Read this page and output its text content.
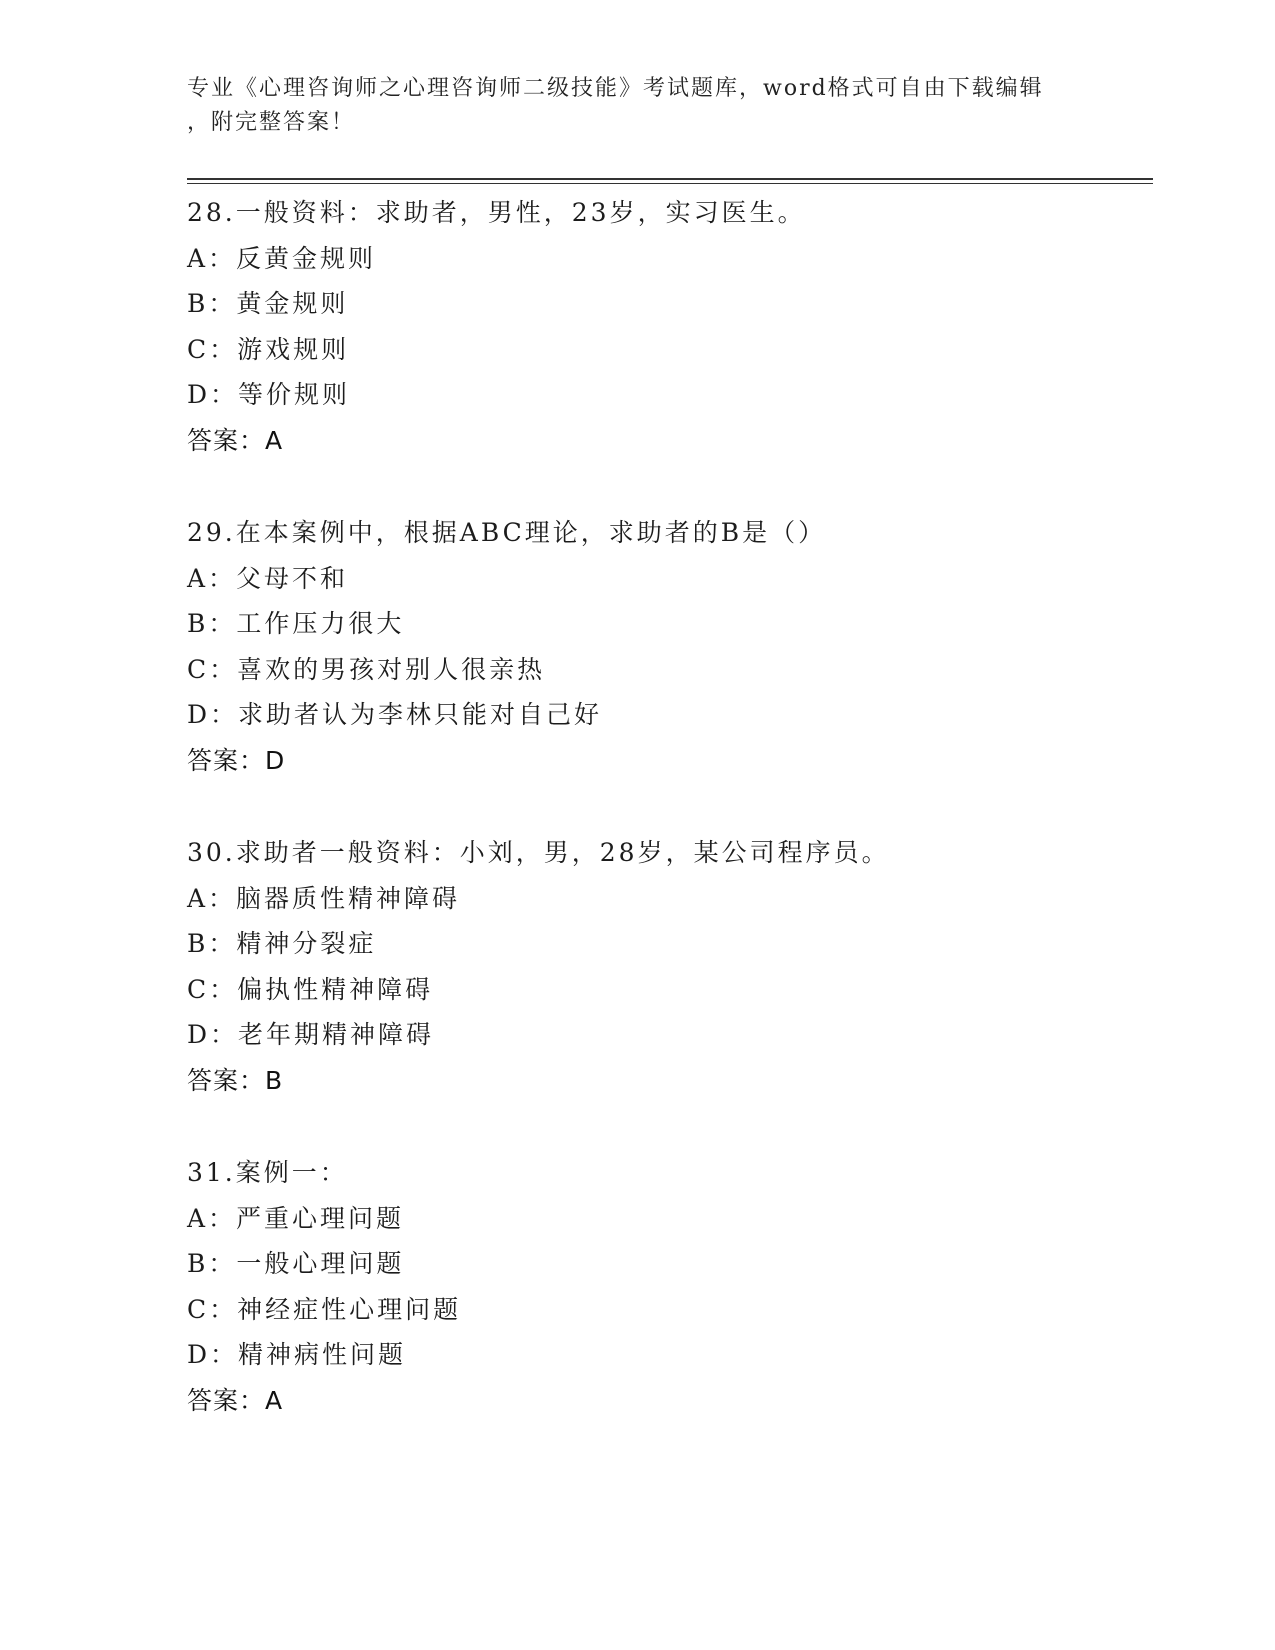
专业《心理咨询师之心理咨询师二级技能》考试题库，word格式可自由下载编辑
，附完整答案！
28.一般资料：求助者，男性，23岁，实习医生。
A：反黄金规则
B：黄金规则
C：游戏规则
D：等价规则
答案：A
29.在本案例中，根据ABC理论，求助者的B是（）
A：父母不和
B：工作压力很大
C：喜欢的男孩对别人很亲热
D：求助者认为李林只能对自己好
答案：D
30.求助者一般资料：小刘，男，28岁，某公司程序员。
A：脑器质性精神障碍
B：精神分裂症
C：偏执性精神障碍
D：老年期精神障碍
答案：B
31.案例一：
A：严重心理问题
B：一般心理问题
C：神经症性心理问题
D：精神病性问题
答案：A
